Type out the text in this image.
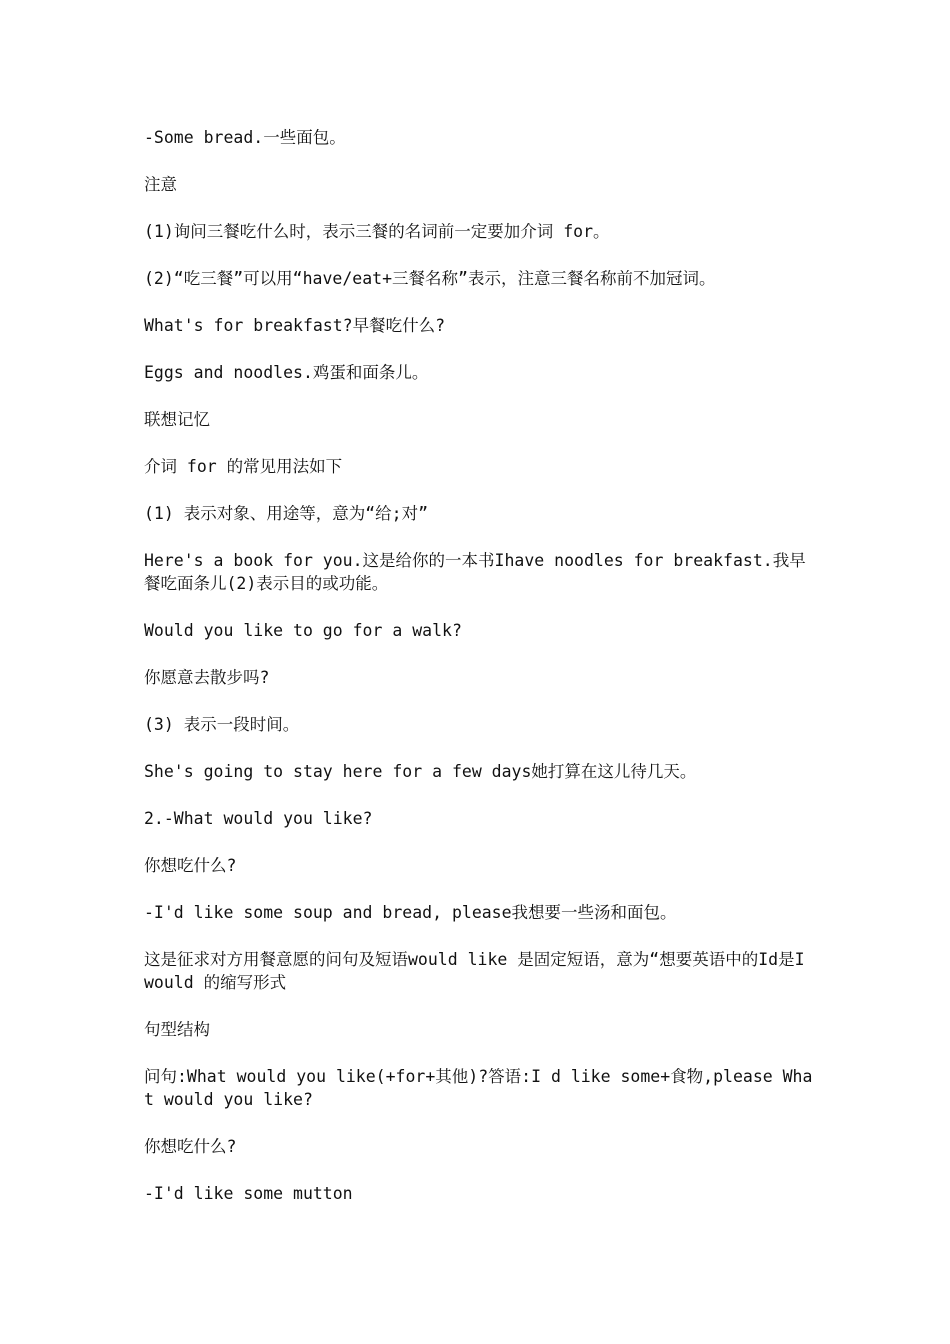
-Some bread.一些面包。

注意

(1)询问三餐吃什么时，表示三餐的名词前一定要加介词 for。

(2)“吃三餐”可以用“have/eat+三餐名称”表示，注意三餐名称前不加冠词。

What's for breakfast?早餐吃什么?

Eggs and noodles.鸡蛋和面条儿。

联想记忆

介词 for 的常见用法如下

(1) 表示对象、用途等，意为“给;对”

Here's a book for you.这是给你的一本书Ihave noodles for breakfast.我早餐吃面条儿(2)表示目的或功能。

Would you like to go for a walk?

你愿意去散步吗?

(3) 表示一段时间。

She's going to stay here for a few days她打算在这儿待几天。

2.-What would you like?

你想吃什么?

-I'd like some soup and bread, please我想要一些汤和面包。

这是征求对方用餐意愿的问句及短语would like 是固定短语，意为“想要英语中的Id是I would 的缩写形式

句型结构

问句:What would you like(+for+其他)?答语:I d like some+食物,please What would you like?

你想吃什么?

-I'd like some mutton
